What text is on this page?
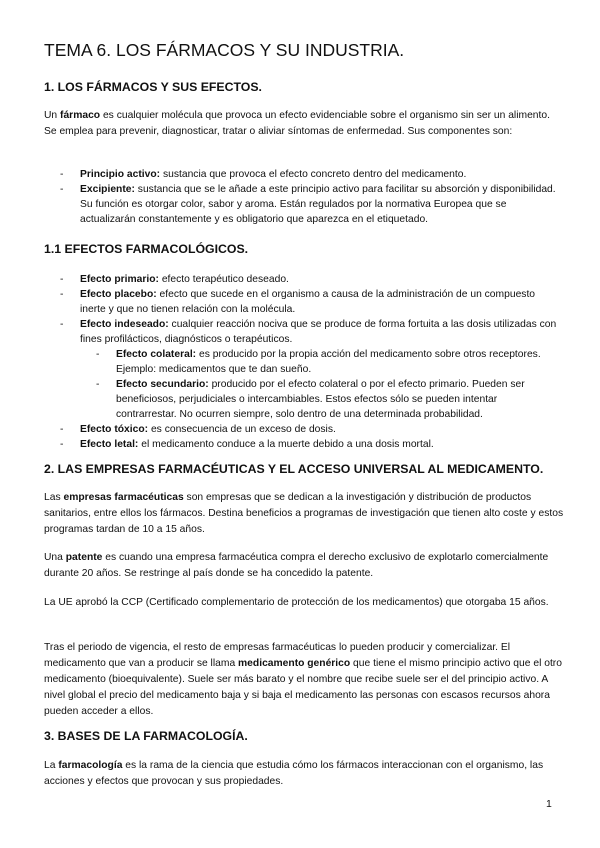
TEMA 6. LOS FÁRMACOS Y SU INDUSTRIA.
1. LOS FÁRMACOS Y SUS EFECTOS.

Un fármaco es cualquier molécula que provoca un efecto evidenciable sobre el organismo sin ser un alimento. Se emplea para prevenir, diagnosticar, tratar o aliviar síntomas de enfermedad. Sus componentes son:

- Principio activo: sustancia que provoca el efecto concreto dentro del medicamento.
- Excipiente: sustancia que se le añade a este principio activo para facilitar su absorción y disponibilidad. Su función es otorgar color, sabor y aroma. Están regulados por la normativa Europea que se actualizarán constantemente y es obligatorio que aparezca en el etiquetado.
1.1 EFECTOS FARMACOLÓGICOS.
- Efecto primario: efecto terapéutico deseado.
- Efecto placebo: efecto que sucede en el organismo a causa de la administración de un compuesto inerte y que no tienen relación con la molécula.
- Efecto indeseado: cualquier reacción nociva que se produce de forma fortuita a las dosis utilizadas con fines profilácticos, diagnósticos o terapéuticos.
- Efecto colateral: es producido por la propia acción del medicamento sobre otros receptores. Ejemplo: medicamentos que te dan sueño.
- Efecto secundario: producido por el efecto colateral o por el efecto primario. Pueden ser beneficiosos, perjudiciales o intercambiables. Estos efectos sólo se pueden intentar contrarrestar. No ocurren siempre, solo dentro de una determinada probabilidad.
- Efecto tóxico: es consecuencia de un exceso de dosis.
- Efecto letal: el medicamento conduce a la muerte debido a una dosis mortal.
2. LAS EMPRESAS FARMACÉUTICAS Y EL ACCESO UNIVERSAL AL MEDICAMENTO.

Las empresas farmacéuticas son empresas que se dedican a la investigación y distribución de productos sanitarios, entre ellos los fármacos. Destina beneficios a programas de investigación que tienen alto coste y estos programas tardan de 10 a 15 años.

Una patente es cuando una empresa farmacéutica compra el derecho exclusivo de explotarlo comercialmente durante 20 años. Se restringe al país donde se ha concedido la patente.

La UE aprobó la CCP (Certificado complementario de protección de los medicamentos) que otorgaba 15 años.

Tras el periodo de vigencia, el resto de empresas farmacéuticas lo pueden producir y comercializar. El medicamento que van a producir se llama medicamento genérico que tiene el mismo principio activo que el otro medicamento (bioequivalente). Suele ser más barato y el nombre que recibe suele ser el del principio activo. A nivel global el precio del medicamento baja y si baja el medicamento las personas con escasos recursos ahora pueden acceder a ellos.

3. BASES DE LA FARMACOLOGÍA.

La farmacología es la rama de la ciencia que estudia cómo los fármacos interaccionan con el organismo, las acciones y efectos que provocan y sus propiedades.

1
